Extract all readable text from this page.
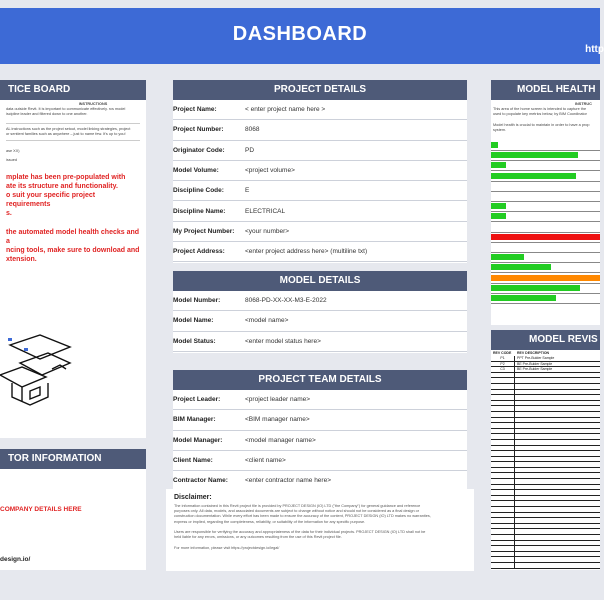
DASHBOARD
http
TICE BOARD
INSTRUCTIONS
data outside Revit. It is important to communicate effectively. rcs model
iscipline leader and filtered down to one another.
AL instructions such as the project setout, model linking strategies, project
or sentient families such as anywhere – just to name few. It's up to you!
ase XX)
issued
mplate has been pre-populated with
ate its structure and functionality.
o suit your specific project requirements
s.
the automated model health checks and a
ncing tools, make sure to download and
xtension.
TOR INFORMATION
COMPANY DETAILS HERE
design.io/
PROJECT DETAILS
Project Name:	< enter project name here >
Project Number:	8068
Originator Code:	PD
Model Volume:	<project volume>
Discipline Code:	E
Discipline Name:	ELECTRICAL
My Project Number:	<your number>
Project Address:	<enter project address here> (multiline txt)
MODEL DETAILS
Model Number:	8068-PD-XX-XX-M3-E-2022
Model Name:	<model name>
Model Status:	<enter model status here>
PROJECT TEAM DETAILS
Project Leader:	<project leader name>
BIM Manager:	<BIM manager name>
Model Manager:	<model manager name>
Client Name:	<client name>
Contractor Name:	<enter contractor name here>
Disclaimer:
The information contained in this Revit project file is provided by PROJECT DESIGN (IO) LTD ("the Company") for general guidance and reference
purposes only. All data, models, and associated documents are subject to change without notice and should not be considered as a final design or
construction documentation. While every effort has been made to ensure the accuracy of the content, PROJECT DESIGN (IO) LTD makes no warranties,
express or implied, regarding the completeness, reliability, or suitability of the information for any specific purpose.

Users are responsible for verifying the accuracy and appropriateness of the data for their individual projects. PROJECT DESIGN (IO) LTD shall not be
held liable for any errors, omissions, or any outcomes resulting from the use of this Revit project file.

For more information, please visit https://projectdesign.io/legal/
MODEL HEALTH
INSTRUC
This area of the home screen is intended to capture the
used to populate key metrics below, by BIM Coordinator

Model health is crucial to maintain in order to have a prop
system.
MODEL REVIS
REV CODE	REV DESCRIPTION
P1	PPT Pre-Bulder Sample
P2	BE Pre-Bulder Sample
C3	BE Pre-Bulder Sample
